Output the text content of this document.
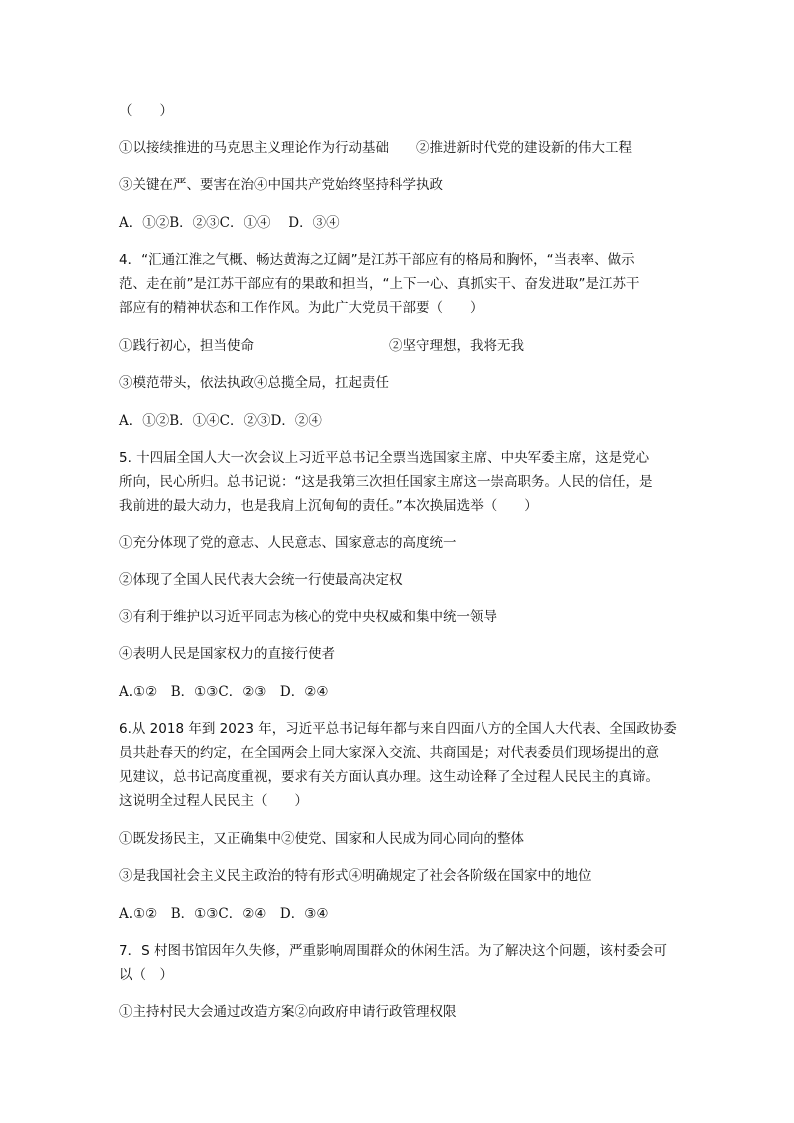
（　　）
①以接续推进的马克思主义理论作为行动基础　　②推进新时代党的建设新的伟大工程
③关键在严、要害在治④中国共产党始终坚持科学执政
A．①②B．②③C．①④　 D．③④
4．“汇通江淮之气概、畅达黄海之辽阔”是江苏干部应有的格局和胸怀，“当表率、做示
范、走在前”是江苏干部应有的果敢和担当，“上下一心、真抓实干、奋发进取”是江苏干
部应有的精神状态和工作作风。为此广大党员干部要（　　）
①践行初心，担当使命　　　　　　　　　　②坚守理想，我将无我
③模范带头，依法执政④总揽全局，扛起责任
A．①②B．①④C．②③D．②④
5. 十四届全国人大一次会议上习近平总书记全票当选国家主席、中央军委主席，这是党心
所向，民心所归。总书记说：“这是我第三次担任国家主席这一崇高职务。人民的信任，是
我前进的最大动力，也是我肩上沉甸甸的责任。”本次换届选举（　　）
①充分体现了党的意志、人民意志、国家意志的高度统一
②体现了全国人民代表大会统一行使最高决定权
③有利于维护以习近平同志为核心的党中央权威和集中统一领导
④表明人民是国家权力的直接行使者
A.①②　B．①③C．②③　D．②④
6.从 2018 年到 2023 年，习近平总书记每年都与来自四面八方的全国人大代表、全国政协委
员共赴春天的约定，在全国两会上同大家深入交流、共商国是；对代表委员们现场提出的意
见建议，总书记高度重视，要求有关方面认真办理。这生动诠释了全过程人民民主的真谛。
这说明全过程人民民主（　　）
①既发扬民主，又正确集中②使党、国家和人民成为同心同向的整体
③是我国社会主义民主政治的特有形式④明确规定了社会各阶级在国家中的地位
A.①②　B．①③C．②④　D．③④
7．S 村图书馆因年久失修，严重影响周围群众的休闲生活。为了解决这个问题，该村委会可
以（　）
①主持村民大会通过改造方案②向政府申请行政管理权限
